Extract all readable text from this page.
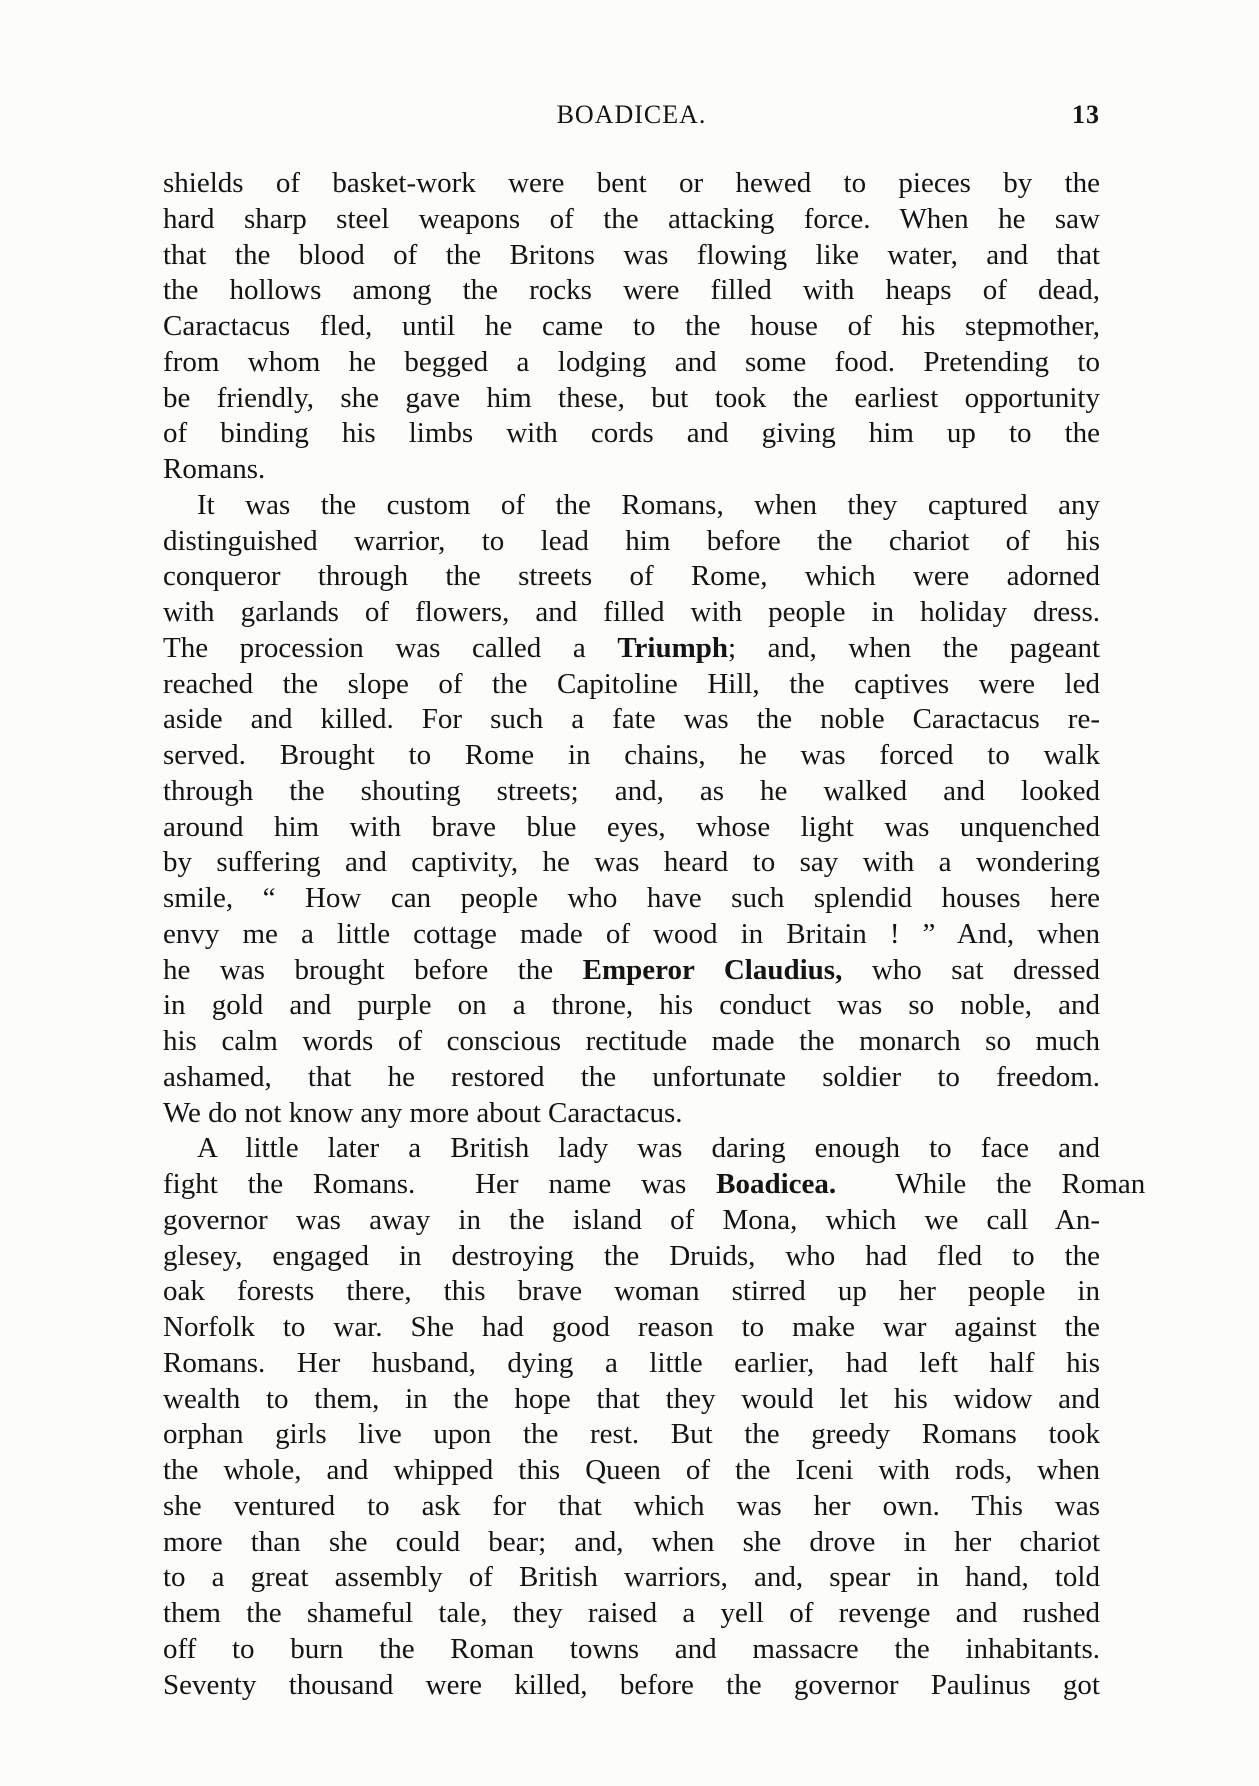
BOADICEA.	13
shields of basket-work were bent or hewed to pieces by the
hard sharp steel weapons of the attacking force. When he saw
that the blood of the Britons was flowing like water, and that
the hollows among the rocks were filled with heaps of dead,
Caractacus fled, until he came to the house of his stepmother,
from whom he begged a lodging and some food. Pretending to
be friendly, she gave him these, but took the earliest opportunity
of binding his limbs with cords and giving him up to the
Romans.
It was the custom of the Romans, when they captured any
distinguished warrior, to lead him before the chariot of his
conqueror through the streets of Rome, which were adorned
with garlands of flowers, and filled with people in holiday dress.
The procession was called a Triumph; and, when the pageant
reached the slope of the Capitoline Hill, the captives were led
aside and killed. For such a fate was the noble Caractacus re-
served. Brought to Rome in chains, he was forced to walk
through the shouting streets; and, as he walked and looked
around him with brave blue eyes, whose light was unquenched
by suffering and captivity, he was heard to say with a wondering
smile, “ How can people who have such splendid houses here
envy me a little cottage made of wood in Britain ! ” And, when
he was brought before the Emperor Claudius, who sat dressed
in gold and purple on a throne, his conduct was so noble, and
his calm words of conscious rectitude made the monarch so much
ashamed, that he restored the unfortunate soldier to freedom.
We do not know any more about Caractacus.
A little later a British lady was daring enough to face and
fight the Romans.  Her name was Boadicea.  While the Roman
governor was away in the island of Mona, which we call An-
glesey, engaged in destroying the Druids, who had fled to the
oak forests there, this brave woman stirred up her people in
Norfolk to war. She had good reason to make war against the
Romans. Her husband, dying a little earlier, had left half his
wealth to them, in the hope that they would let his widow and
orphan girls live upon the rest. But the greedy Romans took
the whole, and whipped this Queen of the Iceni with rods, when
she ventured to ask for that which was her own. This was
more than she could bear; and, when she drove in her chariot
to a great assembly of British warriors, and, spear in hand, told
them the shameful tale, they raised a yell of revenge and rushed
off to burn the Roman towns and massacre the inhabitants.
Seventy thousand were killed, before the governor Paulinus got
